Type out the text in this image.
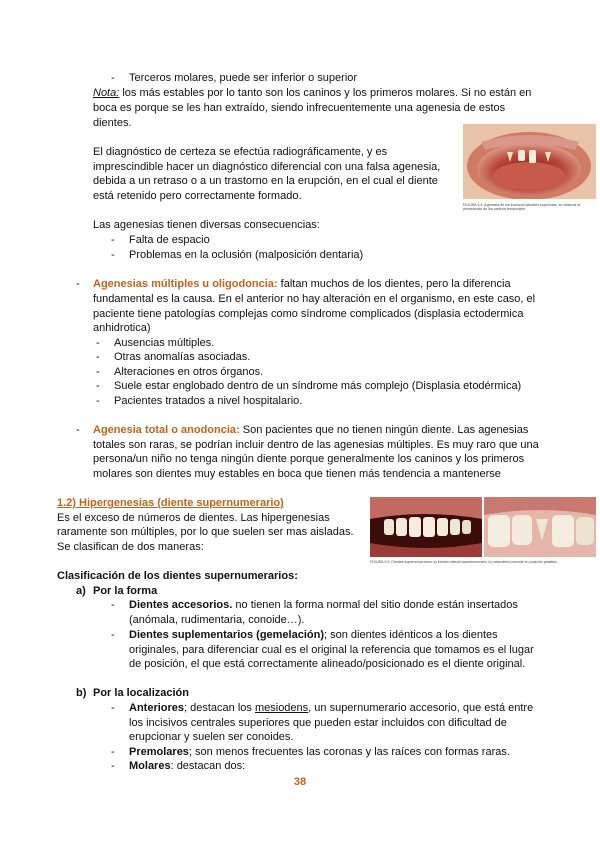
- Terceros molares, puede ser inferior o superior
Nota: los más estables por lo tanto son los caninos y los primeros molares. Si no están en
boca es porque se les han extraído, siendo infrecuentemente una agenesia de estos
dientes.
El diagnóstico de certeza se efectúa radiográficamente, y es
imprescindible hacer un diagnóstico diferencial con una falsa agenesia,
debida a un retraso o a un trastorno en la erupción, en el cual el diente
está retenido pero correctamente formado.
FIGURA 9.4. Agenesia de los incisivos laterales superiores; se observa la persistencia de los caninos temporales.
Las agenesias tienen diversas consecuencias:
- Falta de espacio
- Problemas en la oclusión (malposición dentaria)
- Agenesias múltiples u oligodoncia: faltan muchos de los dientes, pero la diferencia
fundamental es la causa. En el anterior no hay alteración en el organismo, en este caso, el
paciente tiene patologías complejas como síndrome complicados (displasia ectodermica
anhidrotica)
- Ausencias múltiples.
- Otras anomalías asociadas.
- Alteraciones en otros órganos.
- Suele estar englobado dentro de un síndrome más complejo (Displasia etodérmica)
- Pacientes tratados a nivel hospitalario.
- Agenesia total o anodoncia: Son pacientes que no tienen ningún diente. Las agenesias
totales son raras, se podrían incluir dentro de las agenesias múltiples. Es muy raro que una
persona/un niño no tenga ningún diente porque generalmente los caninos y los primeros
molares son dientes muy estables en boca que tienen más tendencia a mantenerse
1.2) Hipergenesias (diente supernumerario)
Es el exceso de números de dientes. Las hipergenesias
raramente son múltiples, por lo que suelen ser mas aisladas.
Se clasifican de dos maneras:
FIGURA 9.5. Dientes supernumerarios: a) incisivo lateral supernumerario; b) mesiodens conoide en posición palatina.
Clasificación de los dientes supernumerarios:
a) Por la forma
- Dientes accesorios. no tienen la forma normal del sitio donde están insertados
(anómala, rudimentaria, conoide…).
- Dientes suplementarios (gemelación); son dientes idénticos a los dientes
originales, para diferenciar cual es el original la referencia que tomamos es el lugar
de posición, el que está correctamente alineado/posicionado es el diente original.
b) Por la localización
- Anteriores; destacan los mesiodens, un supernumerario accesorio, que está entre
los incisivos centrales superiores que pueden estar incluidos con dificultad de
erupcionar y suelen ser conoides.
- Premolares; son menos frecuentes las coronas y las raíces con formas raras.
- Molares: destacan dos:
38
